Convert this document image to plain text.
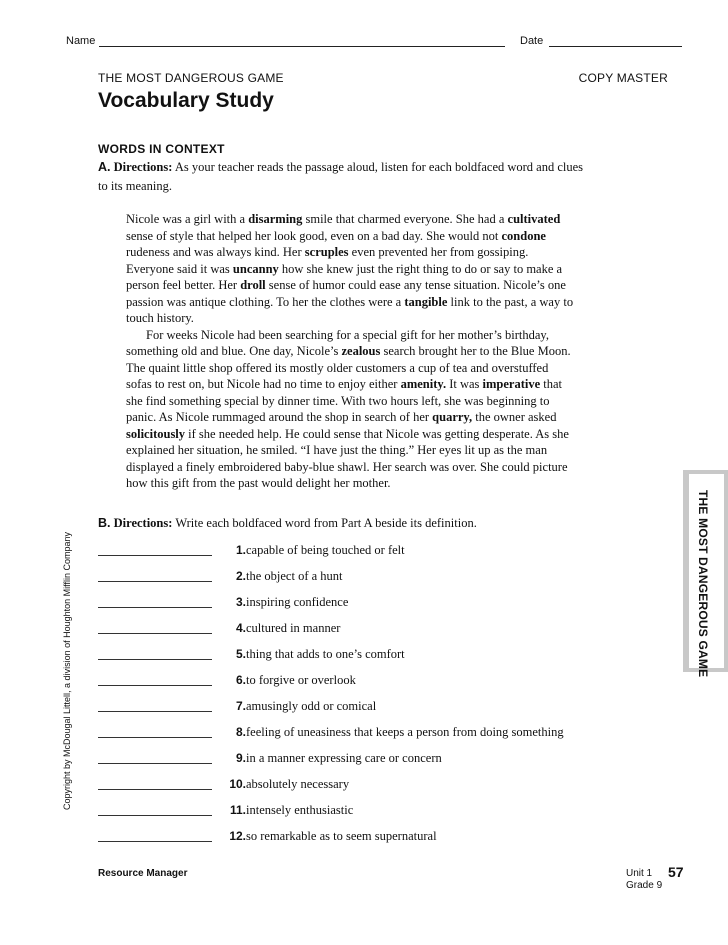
Name	Date
THE MOST DANGEROUS GAME	COPY MASTER
Vocabulary Study
WORDS IN CONTEXT
A. Directions: As your teacher reads the passage aloud, listen for each boldfaced word and clues to its meaning.

Nicole was a girl with a disarming smile that charmed everyone. She had a cultivated sense of style that helped her look good, even on a bad day. She would not condone rudeness and was always kind. Her scruples even prevented her from gossiping. Everyone said it was uncanny how she knew just the right thing to do or say to make a person feel better. Her droll sense of humor could ease any tense situation. Nicole’s one passion was antique clothing. To her the clothes were a tangible link to the past, a way to touch history.

For weeks Nicole had been searching for a special gift for her mother’s birthday, something old and blue. One day, Nicole’s zealous search brought her to the Blue Moon. The quaint little shop offered its mostly older customers a cup of tea and overstuffed sofas to rest on, but Nicole had no time to enjoy either amenity. It was imperative that she find something special by dinner time. With two hours left, she was beginning to panic. As Nicole rummaged around the shop in search of her quarry, the owner asked solicitously if she needed help. He could sense that Nicole was getting desperate. As she explained her situation, he smiled. “I have just the thing.” Her eyes lit up as the man displayed a finely embroidered baby-blue shawl. Her search was over. She could picture how this gift from the past would delight her mother.

B. Directions: Write each boldfaced word from Part A beside its definition.
1. capable of being touched or felt
2. the object of a hunt
3. inspiring confidence
4. cultured in manner
5. thing that adds to one’s comfort
6. to forgive or overlook
7. amusingly odd or comical
8. feeling of uneasiness that keeps a person from doing something
9. in a manner expressing care or concern
10. absolutely necessary
11. intensely enthusiastic
12. so remarkable as to seem supernatural
Copyright by McDougal Littell, a division of Houghton Mifflin Company	THE MOST DANGEROUS GAME
Resource Manager	Unit 1
Grade 9
57
